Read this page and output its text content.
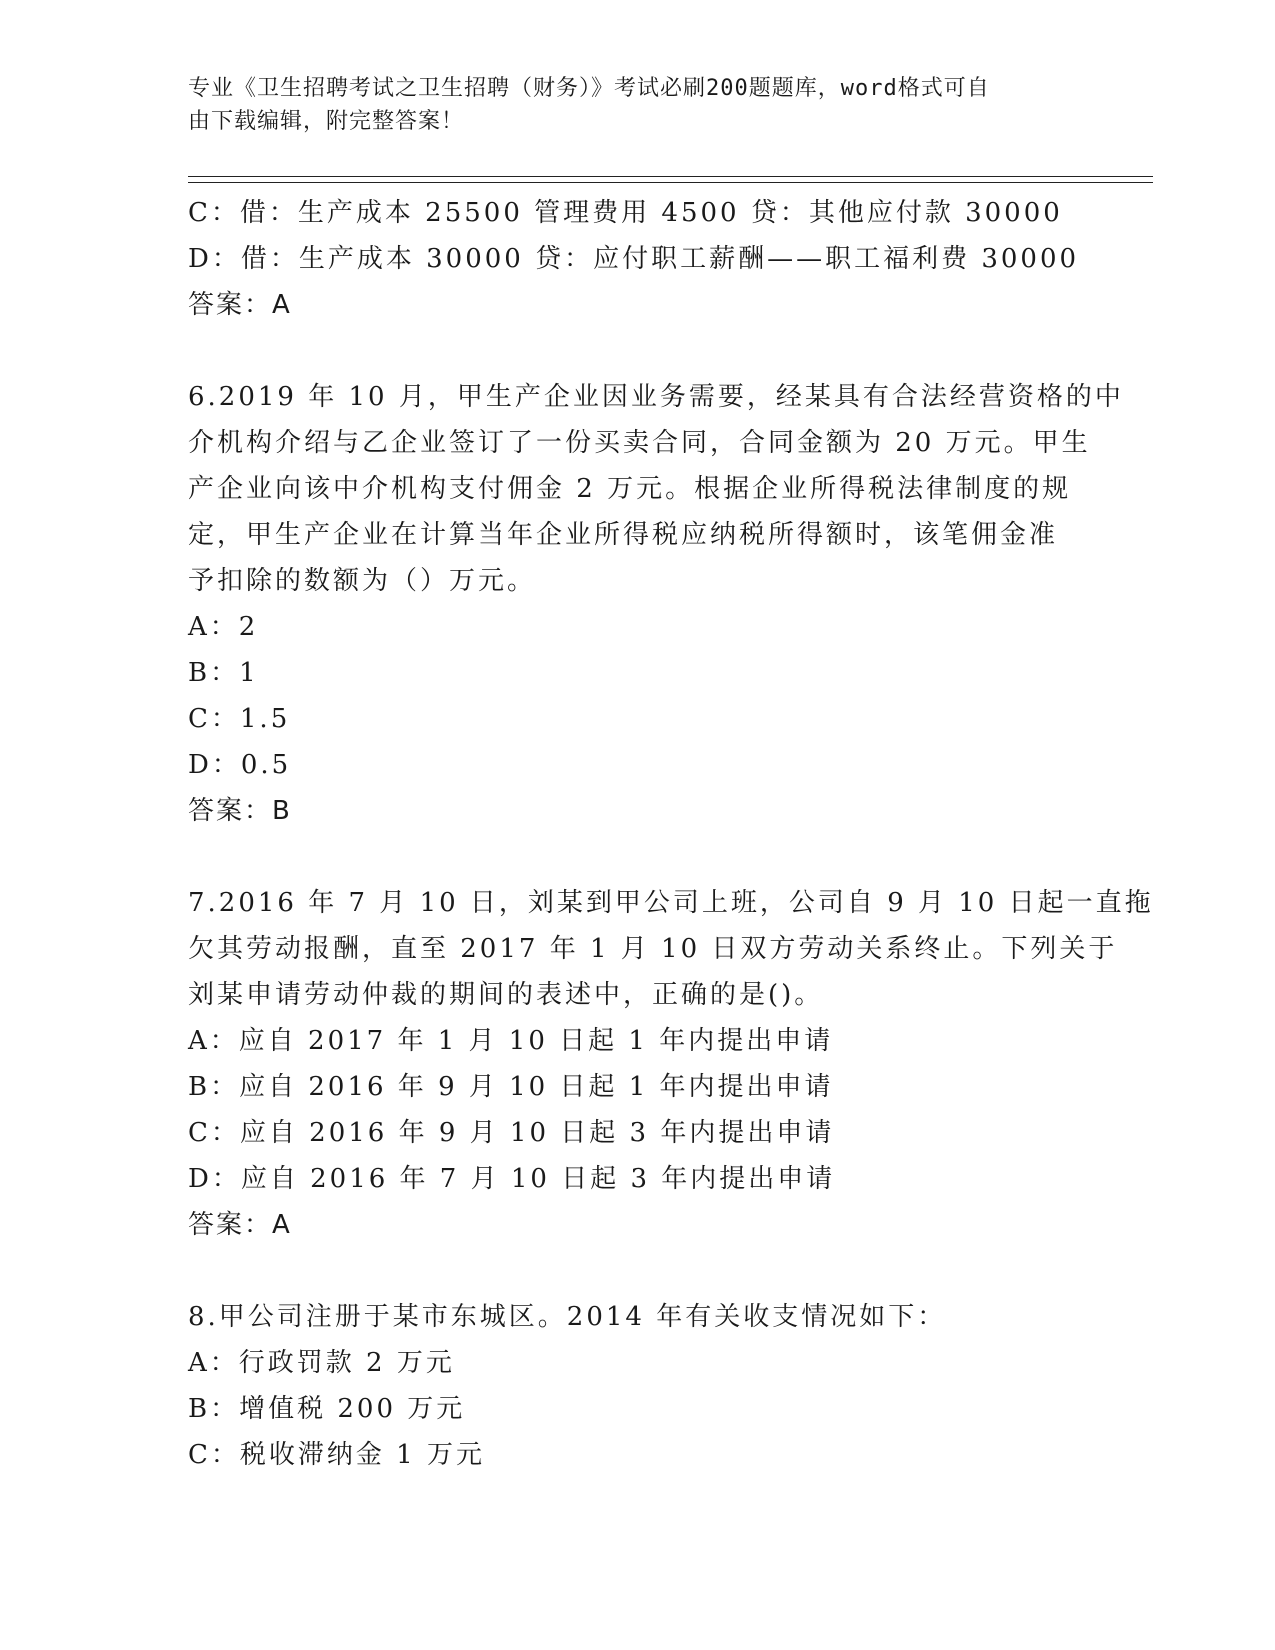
专业《卫生招聘考试之卫生招聘（财务）》考试必刷200题题库，word格式可自
由下载编辑，附完整答案！
C：借：生产成本 25500 管理费用 4500 贷：其他应付款 30000
D：借：生产成本 30000 贷：应付职工薪酬——职工福利费 30000
答案：A
6.2019 年 10 月，甲生产企业因业务需要，经某具有合法经营资格的中
介机构介绍与乙企业签订了一份买卖合同，合同金额为 20 万元。甲生
产企业向该中介机构支付佣金 2 万元。根据企业所得税法律制度的规
定，甲生产企业在计算当年企业所得税应纳税所得额时，该笔佣金准
予扣除的数额为（）万元。
A：2
B：1
C：1.5
D：0.5
答案：B
7.2016 年 7 月 10 日，刘某到甲公司上班，公司自 9 月 10 日起一直拖
欠其劳动报酬，直至 2017 年 1 月 10 日双方劳动关系终止。下列关于
刘某申请劳动仲裁的期间的表述中，正确的是()。
A：应自 2017 年 1 月 10 日起 1 年内提出申请
B：应自 2016 年 9 月 10 日起 1 年内提出申请
C：应自 2016 年 9 月 10 日起 3 年内提出申请
D：应自 2016 年 7 月 10 日起 3 年内提出申请
答案：A
8.甲公司注册于某市东城区。2014 年有关收支情况如下：
A：行政罚款 2 万元
B：增值税 200 万元
C：税收滞纳金 1 万元
